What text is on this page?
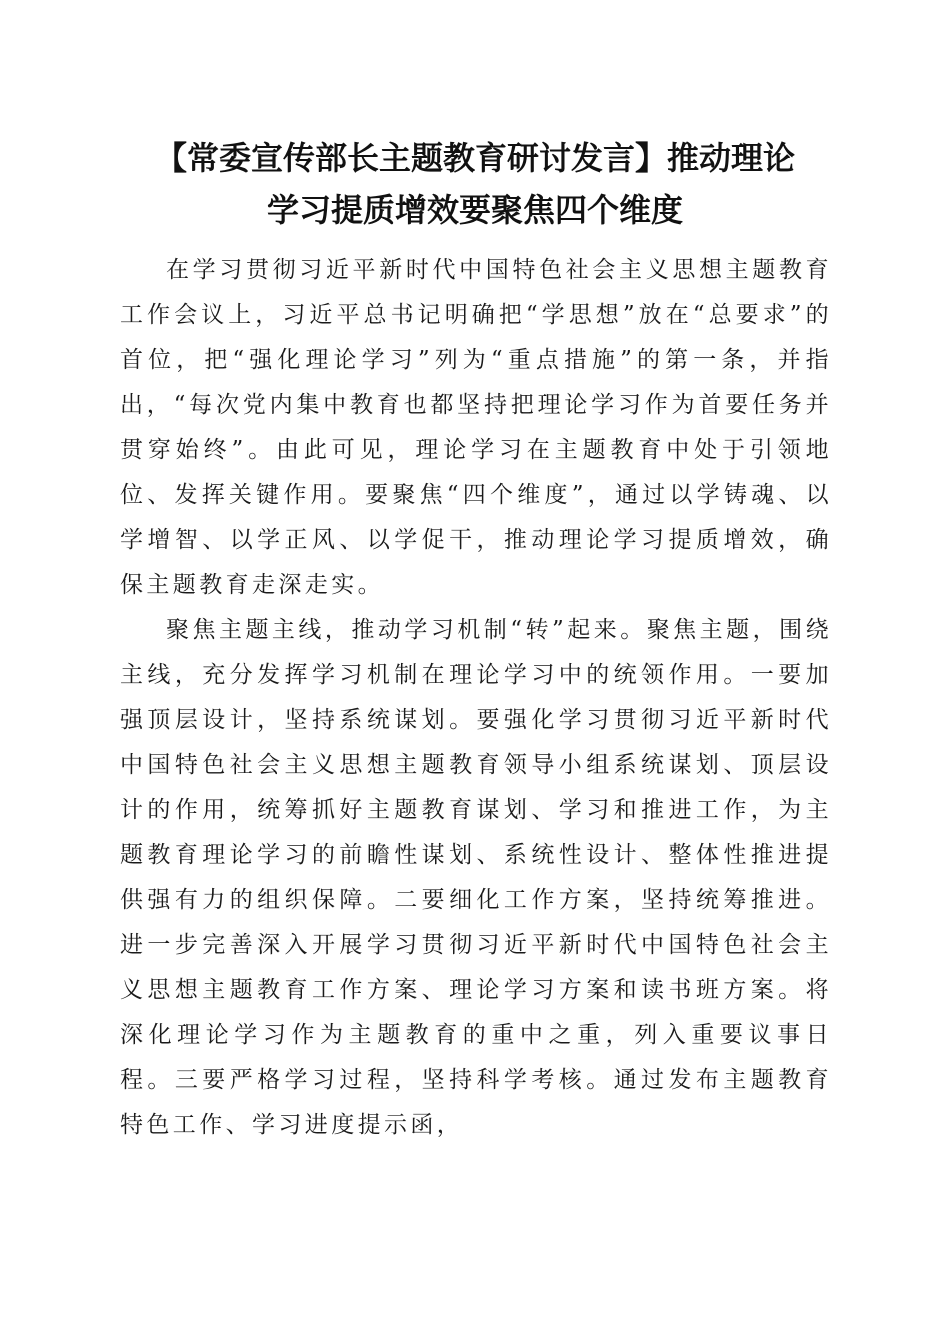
【常委宣传部长主题教育研讨发言】推动理论
学习提质增效要聚焦四个维度

在学习贯彻习近平新时代中国特色社会主义思想主题教育工作会议上，习近平总书记明确把“学思想”放在“总要求”的首位，把“强化理论学习”列为“重点措施”的第一条，并指出，“每次党内集中教育也都坚持把理论学习作为首要任务并贯穿始终”。由此可见，理论学习在主题教育中处于引领地位、发挥关键作用。要聚焦“四个维度”，通过以学铸魂、以学增智、以学正风、以学促干，推动理论学习提质增效，确保主题教育走深走实。

聚焦主题主线，推动学习机制“转”起来。聚焦主题，围绕主线，充分发挥学习机制在理论学习中的统领作用。一要加强顶层设计，坚持系统谋划。要强化学习贯彻习近平新时代中国特色社会主义思想主题教育领导小组系统谋划、顶层设计的作用，统筹抓好主题教育谋划、学习和推进工作，为主题教育理论学习的前瞻性谋划、系统性设计、整体性推进提供强有力的组织保障。二要细化工作方案，坚持统筹推进。进一步完善深入开展学习贯彻习近平新时代中国特色社会主义思想主题教育工作方案、理论学习方案和读书班方案。将深化理论学习作为主题教育的重中之重，列入重要议事日程。三要严格学习过程，坚持科学考核。通过发布主题教育特色工作、学习进度提示函，
